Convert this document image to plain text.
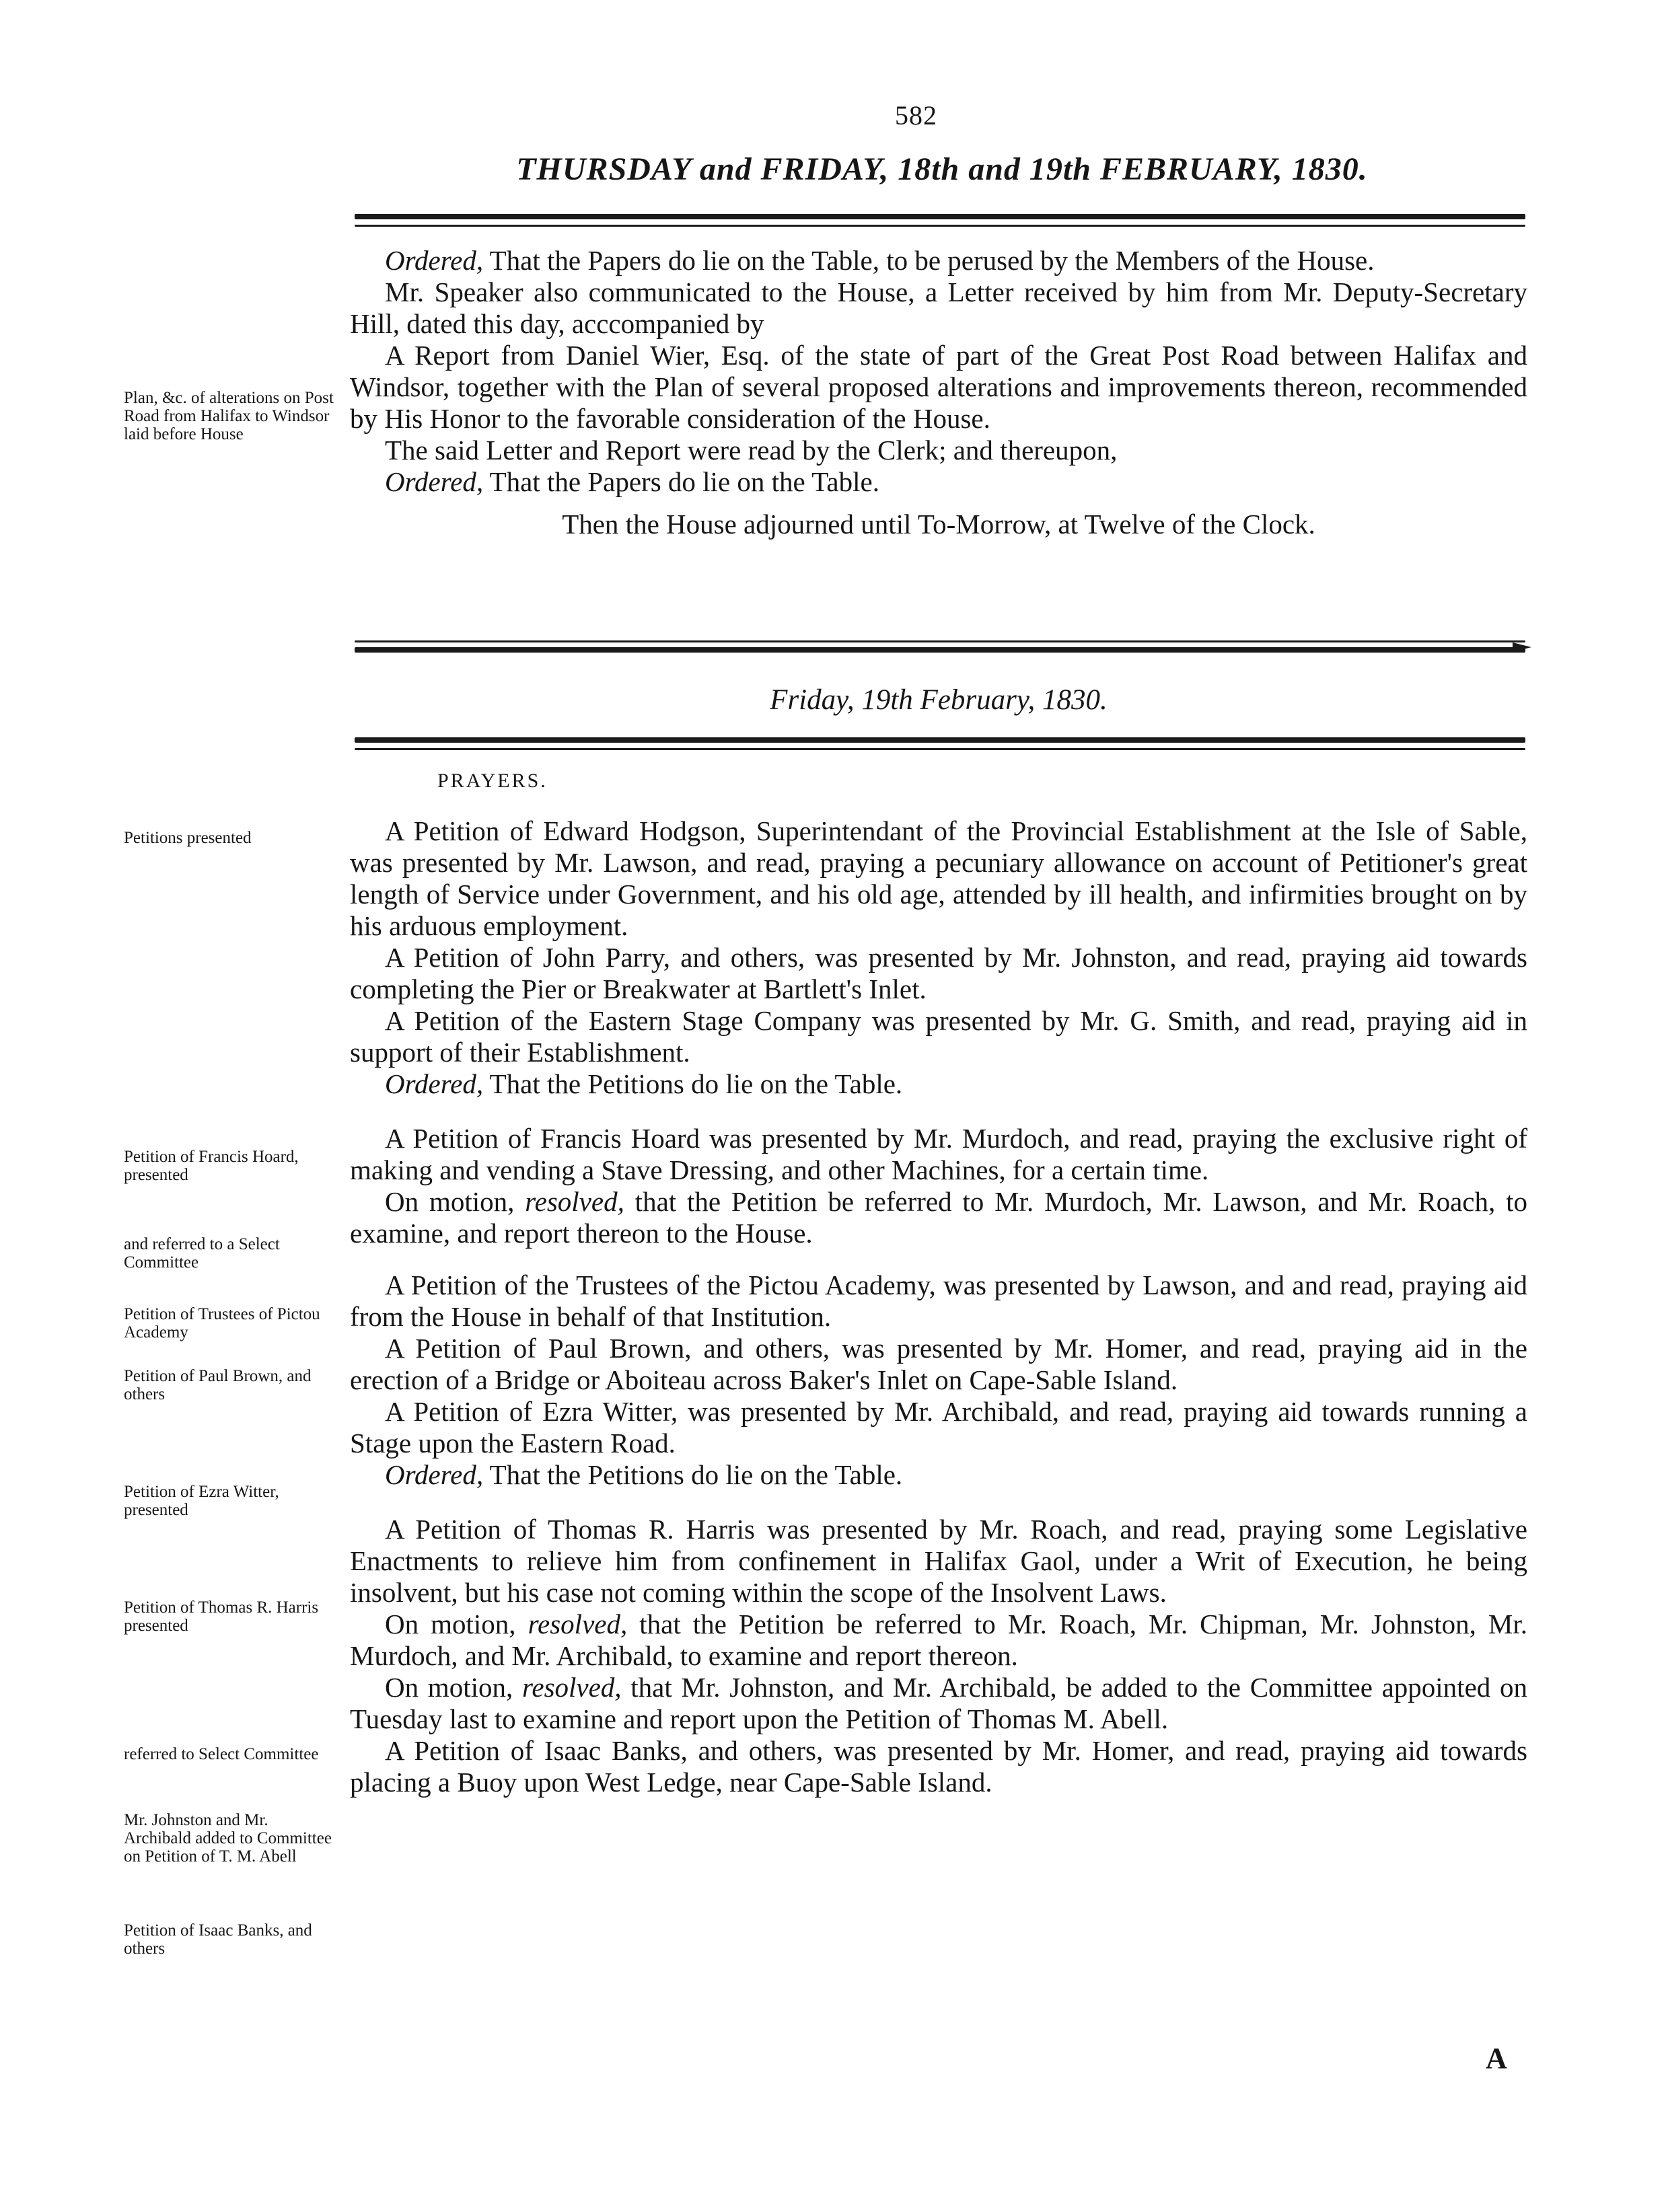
582
THURSDAY and FRIDAY, 18th and 19th FEBRUARY, 1830.

Ordered, That the Papers do lie on the Table, to be perused by the Members of the House.

Mr. Speaker also communicated to the House, a Letter received by him from Mr. Deputy-Secretary Hill, dated this day, acccompanied by

A Report from Daniel Wier, Esq. of the state of part of the Great Post Road between Halifax and Windsor, together with the Plan of several proposed alterations and improvements thereon, recommended by His Honor to the favorable consideration of the House.

The said Letter and Report were read by the Clerk; and thereupon,

Ordered, That the Papers do lie on the Table.

Then the House adjourned until To-Morrow, at Twelve of the Clock.

Friday, 19th February, 1830.
PRAYERS.

A Petition of Edward Hodgson, Superintendant of the Provincial Establishment at the Isle of Sable, was presented by Mr. Lawson, and read, praying a pecuniary allowance on account of Petitioner's great length of Service under Government, and his old age, attended by ill health, and infirmities brought on by his arduous employment.

A Petition of John Parry, and others, was presented by Mr. Johnston, and read, praying aid towards completing the Pier or Breakwater at Bartlett's Inlet.

A Petition of the Eastern Stage Company was presented by Mr. G. Smith, and read, praying aid in support of their Establishment.

Ordered, That the Petitions do lie on the Table.

A Petition of Francis Hoard was presented by Mr. Murdoch, and read, praying the exclusive right of making and vending a Stave Dressing, and other Machines, for a certain time.

On motion, resolved, that the Petition be referred to Mr. Murdoch, Mr. Lawson, and Mr. Roach, to examine, and report thereon to the House.

A Petition of the Trustees of the Pictou Academy, was presented by Lawson, and and read, praying aid from the House in behalf of that Institution.

A Petition of Paul Brown, and others, was presented by Mr. Homer, and read, praying aid in the erection of a Bridge or Aboiteau across Baker's Inlet on Cape-Sable Island.

A Petition of Ezra Witter, was presented by Mr. Archibald, and read, praying aid towards running a Stage upon the Eastern Road.

Ordered, That the Petitions do lie on the Table.

A Petition of Thomas R. Harris was presented by Mr. Roach, and read, praying some Legislative Enactments to relieve him from confinement in Halifax Gaol, under a Writ of Execution, he being insolvent, but his case not coming within the scope of the Insolvent Laws.

On motion, resolved, that the Petition be referred to Mr. Roach, Mr. Chipman, Mr. Johnston, Mr. Murdoch, and Mr. Archibald, to examine and report thereon.

On motion, resolved, that Mr. Johnston, and Mr. Archibald, be added to the Committee appointed on Tuesday last to examine and report upon the Petition of Thomas M. Abell.

A Petition of Isaac Banks, and others, was presented by Mr. Homer, and read, praying aid towards placing a Buoy upon West Ledge, near Cape-Sable Island.

Plan, &c. of alterations on Post Road from Halifax to Windsor laid before House
Petitions presented
Petition of Francis Hoard, presented
and referred to a Select Committee
Petition of Trustees of Pictou Academy
Petition of Paul Brown, and others
Petition of Ezra Witter, presented
Petition of Thomas R. Harris presented
referred to Select Committee
Mr. Johnston and Mr. Archibald added to Committee on Petition of T. M. Abell
Petition of Isaac Banks, and others
A
